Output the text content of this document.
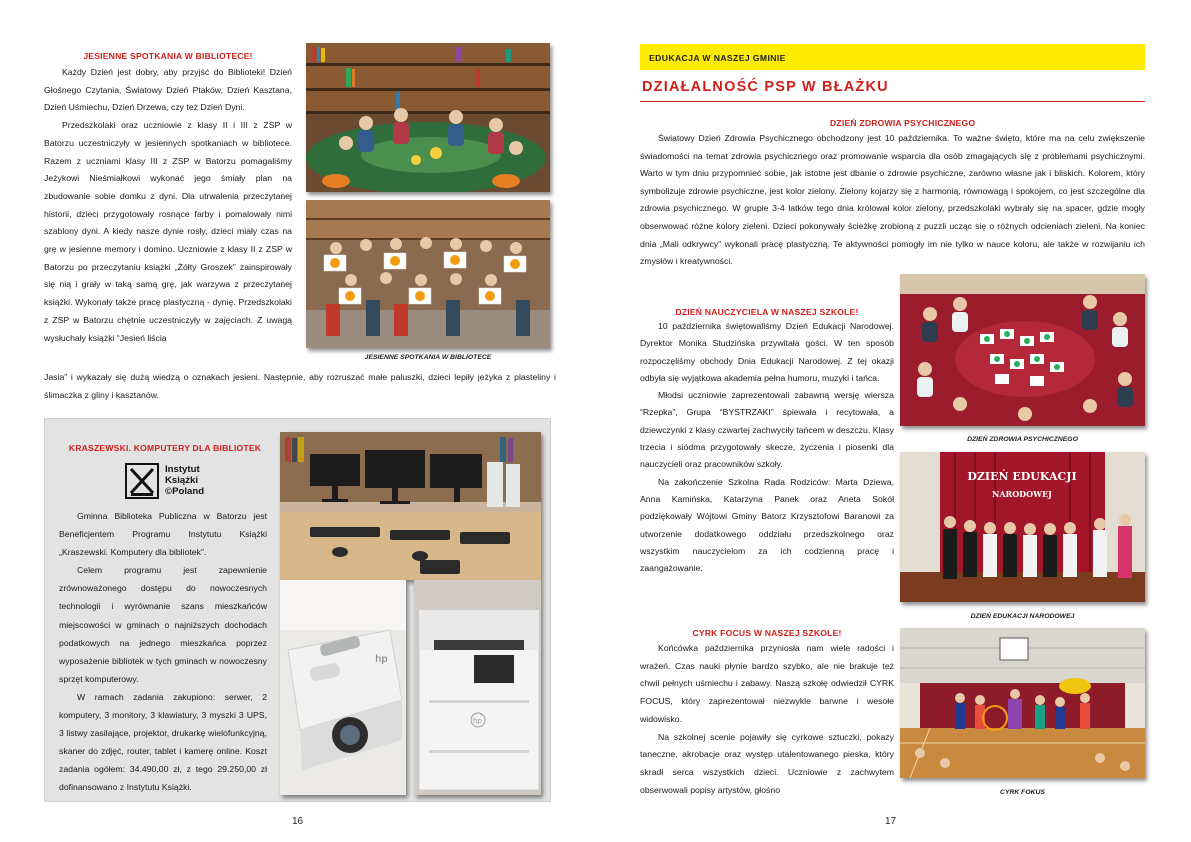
JESIENNE SPOTKANIA W BIBLIOTECE!

Każdy Dzień jest dobry, aby przyjść do Biblioteki! Dzień Głośnego Czytania, Światowy Dzień Ptaków, Dzień Kasztana, Dzień Uśmiechu, Dzień Drzewa, czy też Dzień Dyni.

Przedszkolaki oraz uczniowie z klasy II i III z ZSP w Batorzu uczestniczyły w jesiennych spotkaniach w bibliotece. Razem z uczniami klasy III z ZSP w Batorzu pomagaliśmy Jeżykowi Nieśmiałkowi wykonać jego śmiały plan na zbudowanie sobie domku z dyni. Dla utrwalenia przeczytanej historii, dzieci przygotowały rosnące farby i pomalowały nimi szablony dyni. A kiedy nasze dynie rosły, dzieci miały czas na grę w jesienne memory i domino. Uczniowie z klasy II z ZSP w Batorzu po przeczytaniu książki „Żółty Groszek” zainspirowały się nią i grały w taką samą grę, jak warzywa z przeczytanej książki. Wykonały także pracę plastyczną - dynię. Przedszkolaki z ZSP w Batorzu chętnie uczestniczyły w zajęciach. Z uwagą wysłuchały książki “Jesień liścia

Jasia” i wykazały się dużą wiedzą o oznakach jesieni. Następnie, aby rozruszać małe paluszki, dzieci lepiły jeżyka z plasteliny i ślimaczka z gliny i kasztanów.

JESIENNE SPOTKANIA W BIBLIOTECE
KRASZEWSKI. KOMPUTERY DLA BIBLIOTEK
Instytut
Książki
©Poland

Gminna Biblioteka Publiczna w Batorzu jest Beneficjentem Programu Instytutu Książki „Kraszewski. Komputery dla bibliotek”.

Celem programu jest zapewnienie zrównoważonego dostępu do nowoczesnych technologii i wyrównanie szans mieszkańców miejscowości w gminach o najniższych dochodach podatkowych na jednego mieszkańca poprzez wyposażenie bibliotek w tych gminach w nowoczesny sprzęt komputerowy.

W ramach zadania zakupiono: serwer, 2 komputery, 3 monitory, 3 klawiatury, 3 myszki 3 UPS, 3 listwy zasilające, projektor, drukarkę wielofunkcyjną, skaner do zdjęć, router, tablet i kamerę online. Koszt zadania ogółem: 34.490,00 zł, z tego 29.250,00 zł dofinansowano z Instytutu Książki.

hp
hp
16
EDUKACJA W NASZEJ GMINIE
DZIAŁALNOŚĆ PSP W BŁAŻKU
DZIEŃ ZDROWIA PSYCHICZNEGO

Światowy Dzień Zdrowia Psychicznego obchodzony jest 10 października. To ważne święto, które ma na celu zwiększenie świadomości na temat zdrowia psychicznego oraz promowanie wsparcia dla osób zmagających się z problemami psychicznymi. Warto w tym dniu przypomnieć sobie, jak istotne jest dbanie o zdrowie psychiczne, zarówno własne jak i bliskich. Kolorem, który symbolizuje zdrowie psychiczne, jest kolor zielony. Zielony kojarzy się z harmonią, równowagą i spokojem, co jest szczególne dla zdrowia psychicznego. W grupie 3-4 latków tego dnia królował kolor zielony, przedszkolaki wybrały się na spacer, gdzie mogły obserwować różne kolory zieleni. Dzieci pokonywały ścieżkę zrobioną z puzzli ucząc się o różnych odcieniach zieleni. Na koniec dnia „Mali odkrywcy” wykonali pracę plastyczną. Te aktywności pomogły im nie tylko w nauce koloru, ale także w rozwijaniu ich zmysłów i kreatywności.

DZIEŃ ZDROWIA PSYCHICZNEGO
DZIEŃ NAUCZYCIELA W NASZEJ SZKOLE!

10 października świętowaliśmy Dzień Edukacji Narodowej. Dyrektor Monika Studzińska przywitała gości. W ten sposób rozpoczęliśmy obchody Dnia Edukacji Narodowej. Z tej okazji odbyła się wyjątkowa akademia pełna humoru, muzyki i tańca.

Młodsi uczniowie zaprezentowali zabawną wersję wiersza “Rzepka”, Grupa “BYSTRZAKI” śpiewała i recytowała, a dziewczynki z klasy czwartej zachwyciły tańcem w deszczu. Klasy trzecia i siódma przygotowały skecze, życzenia i piosenki dla nauczycieli oraz pracowników szkoły.

Na zakończenie Szkolna Rada Rodziców: Marta Dziewa, Anna Kamińska, Katarzyna Panek oraz Aneta Sokół podziękowały Wójtowi Gminy Batorz Krzysztofowi Baranowi za utworzenie dodatkowego oddziału przedszkolnego oraz wszystkim nauczycielom za ich codzienną pracę i zaangażowanie.

DZIEŃ EDUKACJI
NARODOWEJ
DZIEŃ EDUKACJI NARODOWEJ
CYRK FOCUS W NASZEJ SZKOLE!

Końcówka października przyniosła nam wiele radości i wrażeń. Czas nauki płynie bardzo szybko, ale nie brakuje też chwil pełnych uśmiechu i zabawy. Naszą szkołę odwiedził CYRK FOCUS, który zaprezentował niezwykle barwne i wesołe widowisko.

Na szkolnej scenie pojawiły się cyrkowe sztuczki, pokazy taneczne, akrobacje oraz występ utalentowanego pieska, który skradł serca wszystkich dzieci. Uczniowie z zachwytem obserwowali popisy artystów, głośno	CYRK FOKUS
17
